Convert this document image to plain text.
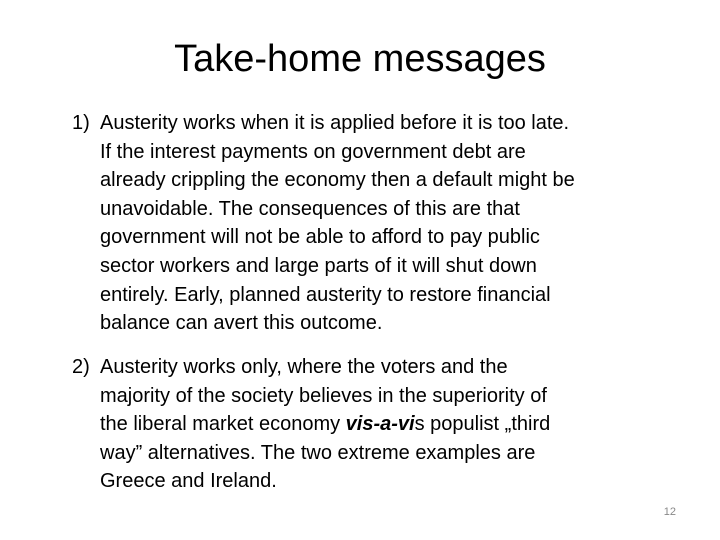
Take-home messages
1) Austerity works when it is applied before it is too late.
If the interest payments on government debt are
already crippling the economy then a default might be
unavoidable. The consequences of this are that
government will not be able to afford to pay public
sector workers and large parts of it will shut down
entirely. Early, planned austerity to restore financial
balance can avert this outcome.
2) Austerity works only, where the voters and the
majority of the society believes in the superiority of
the liberal market economy vis-a-vis populist „third
way” alternatives. The two extreme examples are
Greece and Ireland.
12
